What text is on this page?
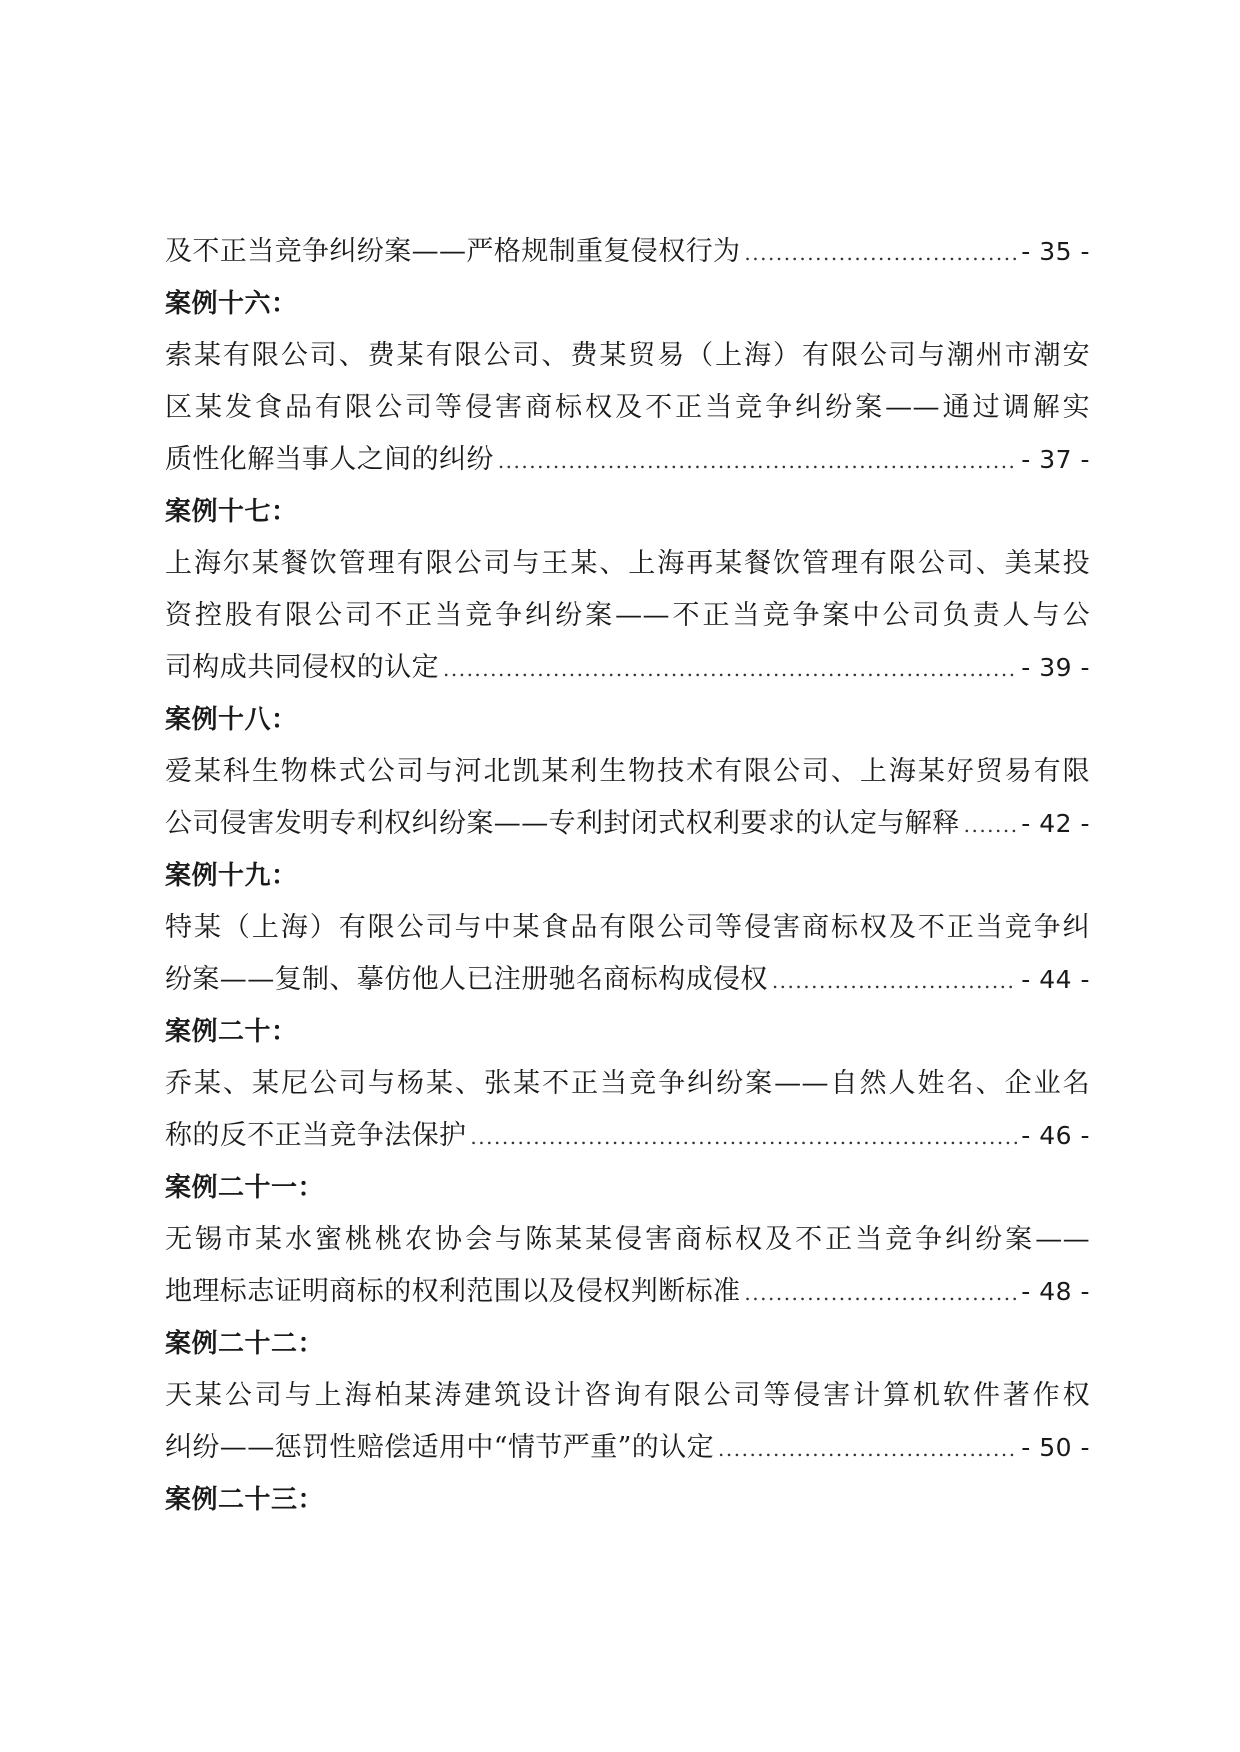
及不正当竞争纠纷案——严格规制重复侵权行为 .....	- 35 -
案例十六：
索某有限公司、费某有限公司、费某贸易（上海）有限公司与潮州市潮安
区某发食品有限公司等侵害商标权及不正当竞争纠纷案——通过调解实
质性化解当事人之间的纠纷 .....	- 37 -
案例十七：
上海尔某餐饮管理有限公司与王某、上海再某餐饮管理有限公司、美某投
资控股有限公司不正当竞争纠纷案——不正当竞争案中公司负责人与公
司构成共同侵权的认定 .....	- 39 -
案例十八：
爱某科生物株式公司与河北凯某利生物技术有限公司、上海某好贸易有限
公司侵害发明专利权纠纷案——专利封闭式权利要求的认定与解释 ..... - 42 -
案例十九：
特某（上海）有限公司与中某食品有限公司等侵害商标权及不正当竞争纠
纷案——复制、摹仿他人已注册驰名商标构成侵权 .....	- 44 -
案例二十：
乔某、某尼公司与杨某、张某不正当竞争纠纷案——自然人姓名、企业名
称的反不正当竞争法保护 .....	- 46 -
案例二十一：
无锡市某水蜜桃桃农协会与陈某某侵害商标权及不正当竞争纠纷案——
地理标志证明商标的权利范围以及侵权判断标准 .....	- 48 -
案例二十二：
天某公司与上海柏某涛建筑设计咨询有限公司等侵害计算机软件著作权
纠纷——惩罚性赔偿适用中“情节严重”的认定 .....	- 50 -
案例二十三：
